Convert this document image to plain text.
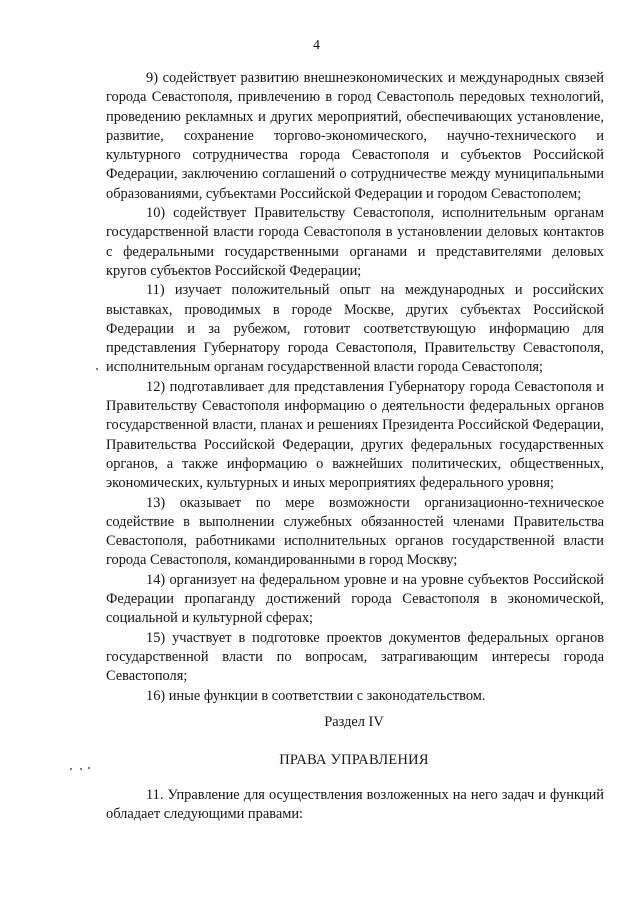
4

9) содействует развитию внешнеэкономических и международных связей города Севастополя, привлечению в город Севастополь передовых технологий, проведению рекламных и других мероприятий, обеспечивающих установление, развитие, сохранение торгово-экономического, научно-технического и культурного сотрудничества города Севастополя и субъектов Российской Федерации, заключению соглашений о сотрудничестве между муниципальными образованиями, субъектами Российской Федерации и городом Севастополем;

10) содействует Правительству Севастополя, исполнительным органам государственной власти города Севастополя в установлении деловых контактов с федеральными государственными органами и представителями деловых кругов субъектов Российской Федерации;

11) изучает положительный опыт на международных и российских выставках, проводимых в городе Москве, других субъектах Российской Федерации и за рубежом, готовит соответствующую информацию для представления Губернатору города Севастополя, Правительству Севастополя, исполнительным органам государственной власти города Севастополя;

12) подготавливает для представления Губернатору города Севастополя и Правительству Севастополя информацию о деятельности федеральных органов государственной власти, планах и решениях Президента Российской Федерации, Правительства Российской Федерации, других федеральных государственных органов, а также информацию о важнейших политических, общественных, экономических, культурных и иных мероприятиях федерального уровня;

13) оказывает по мере возможности организационно-техническое содействие в выполнении служебных обязанностей членами Правительства Севастополя, работниками исполнительных органов государственной власти города Севастополя, командированными в город Москву;

14) организует на федеральном уровне и на уровне субъектов Российской Федерации пропаганду достижений города Севастополя в экономической, социальной и культурной сферах;

15) участвует в подготовке проектов документов федеральных органов государственной власти по вопросам, затрагивающим интересы города Севастополя;

16) иные функции в соответствии с законодательством.

Раздел IV
ПРАВА УПРАВЛЕНИЯ

11. Управление для осуществления возложенных на него задач и функций обладает следующими правами:
